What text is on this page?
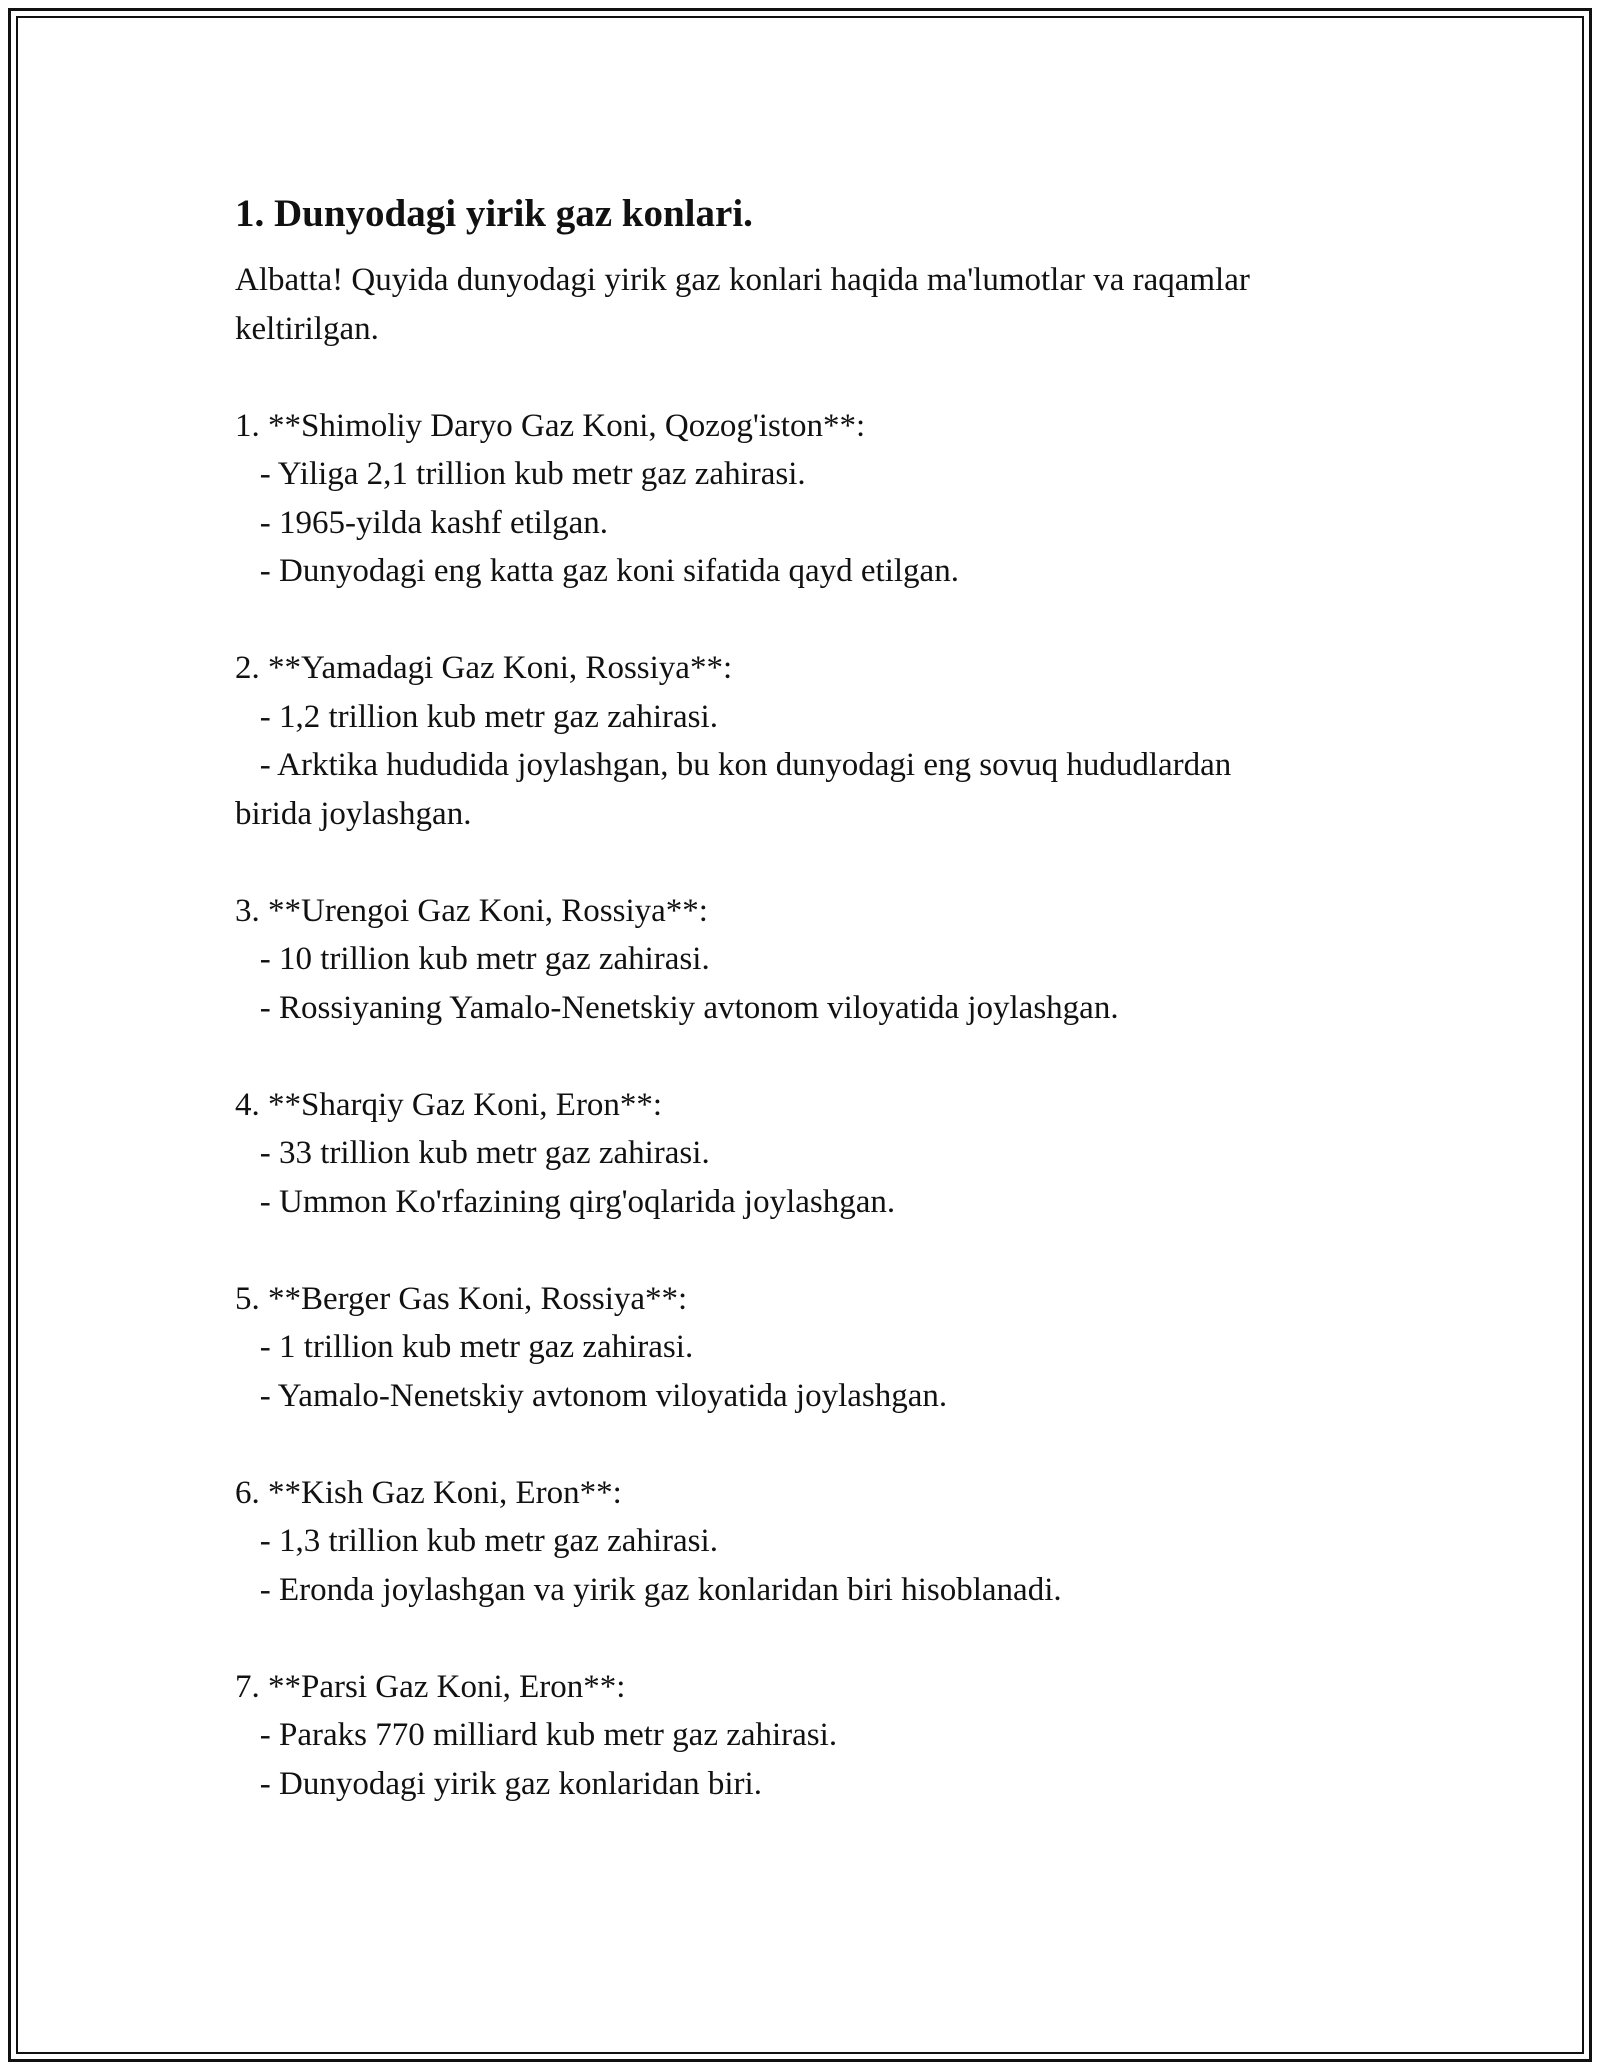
1. Dunyodagi yirik gaz konlari.
Albatta! Quyida dunyodagi yirik gaz konlari haqida ma'lumotlar va raqamlar
keltirilgan.
1. **Shimoliy Daryo Gaz Koni, Qozog'iston**:
- Yiliga 2,1 trillion kub metr gaz zahirasi.
- 1965-yilda kashf etilgan.
- Dunyodagi eng katta gaz koni sifatida qayd etilgan.
2. **Yamadagi Gaz Koni, Rossiya**:
- 1,2 trillion kub metr gaz zahirasi.
- Arktika hududida joylashgan, bu kon dunyodagi eng sovuq hududlardan
birida joylashgan.
3. **Urengoi Gaz Koni, Rossiya**:
- 10 trillion kub metr gaz zahirasi.
- Rossiyaning Yamalo-Nenetskiy avtonom viloyatida joylashgan.
4. **Sharqiy Gaz Koni, Eron**:
- 33 trillion kub metr gaz zahirasi.
- Ummon Ko'rfazining qirg'oqlarida joylashgan.
5. **Berger Gas Koni, Rossiya**:
- 1 trillion kub metr gaz zahirasi.
- Yamalo-Nenetskiy avtonom viloyatida joylashgan.
6. **Kish Gaz Koni, Eron**:
- 1,3 trillion kub metr gaz zahirasi.
- Eronda joylashgan va yirik gaz konlaridan biri hisoblanadi.
7. **Parsi Gaz Koni, Eron**:
- Paraks 770 milliard kub metr gaz zahirasi.
- Dunyodagi yirik gaz konlaridan biri.
